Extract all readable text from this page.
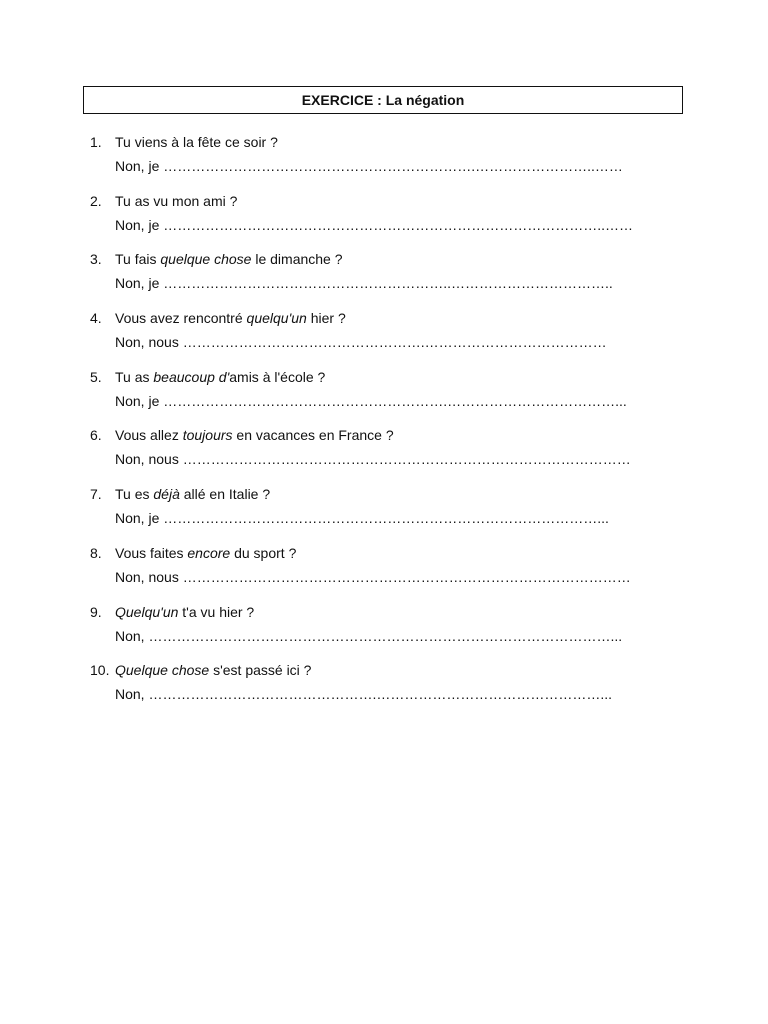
EXERCICE : La négation
1. Tu viens à la fête ce soir ?
Non, je ………………………………………………………….……………………..……
2. Tu as vu mon ami ?
Non, je …………………………………………………………………………………..……
3. Tu fais quelque chose le dimanche ?
Non, je ……………………………………………………..……………………………..
4. Vous avez rencontré quelqu'un hier ?
Non, nous …………………………………………….…………………………………
5. Tu as beaucoup d'amis à l'école ?
Non, je …………………………………………………….………………………………...
6. Vous allez toujours en vacances en France ?
Non, nous ……………………………………………………………………………………
7. Tu es déjà allé en Italie ?
Non, je …………………………………………………………………………………...
8. Vous faites encore du sport ?
Non, nous ……………………………………………………………………………………
9. Quelqu'un t'a vu hier ?
Non, ………………………………………………………………………………………...
10. Quelque chose s'est passé ici ?
Non, ………………………………………….…………………………………………...
